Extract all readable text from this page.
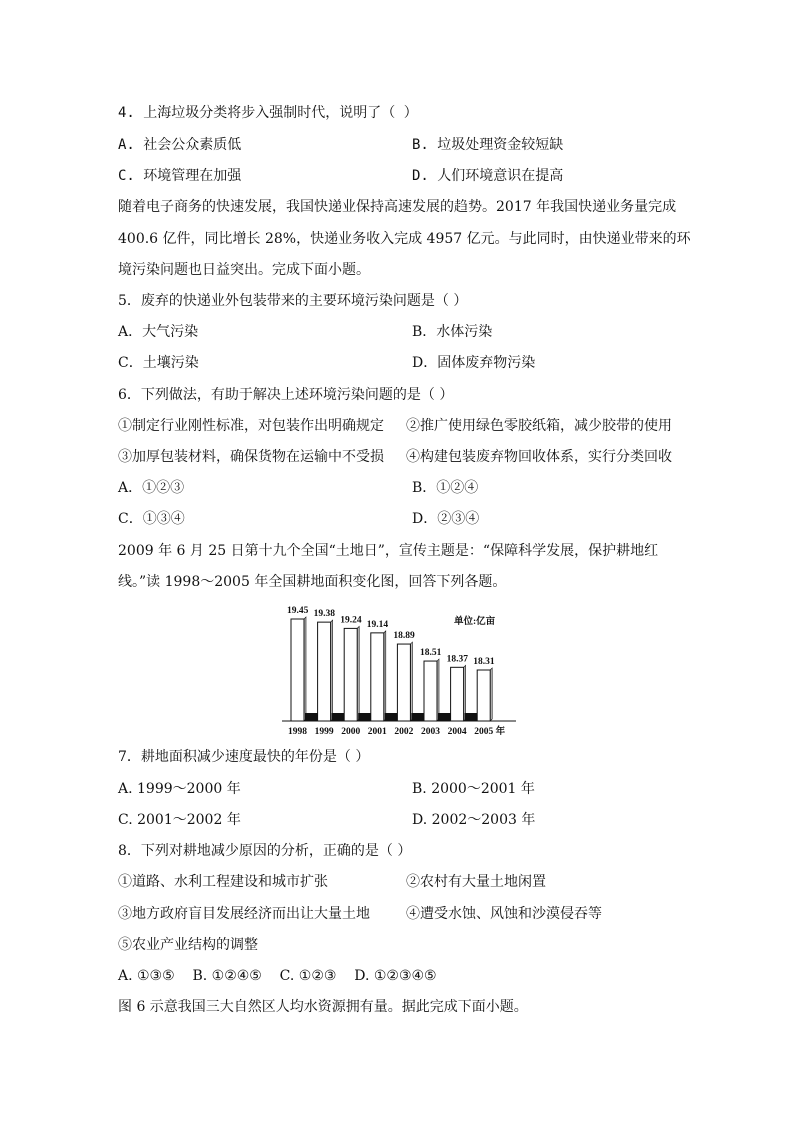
4. 上海垃圾分类将步入强制时代，说明了（ ）
A. 社会公众素质低	B. 垃圾处理资金较短缺
C. 环境管理在加强	D. 人们环境意识在提高
随着电子商务的快速发展，我国快递业保持高速发展的趋势。2017 年我国快递业务量完成
400.6 亿件，同比增长 28%，快递业务收入完成 4957 亿元。与此同时，由快递业带来的环
境污染问题也日益突出。完成下面小题。
5．废弃的快递业外包装带来的主要环境污染问题是（ ）
A．大气污染	B．水体污染
C．土壤污染	D．固体废弃物污染
6．下列做法，有助于解决上述环境污染问题的是（ ）
①制定行业刚性标准，对包装作出明确规定 ②推广使用绿色零胶纸箱，减少胶带的使用
③加厚包装材料，确保货物在运输中不受损 ④构建包装废弃物回收体系，实行分类回收
A．①②③	B．①②④
C．①③④	D．②③④
2009 年 6 月 25 日第十九个全国“土地日”，宣传主题是：“保障科学发展，保护耕地红
线。”读 1998～2005 年全国耕地面积变化图，回答下列各题。
单位:亿亩
19.45
1998
19.38
1999
19.24
2000
19.14
2001
18.89
2002
18.51
2003
18.37
2004
18.31
2005 年
7．耕地面积减少速度最快的年份是（ ）
A. 1999～2000 年	B. 2000～2001 年
C. 2001～2002 年	D. 2002～2003 年
8．下列对耕地减少原因的分析，正确的是（ ）
①道路、水利工程建设和城市扩张	②农村有大量土地闲置
③地方政府盲目发展经济而出让大量土地	④遭受水蚀、风蚀和沙漠侵吞等
⑤农业产业结构的调整
A. ①③⑤    B. ①②④⑤    C. ①②③    D. ①②③④⑤
图 6 示意我国三大自然区人均水资源拥有量。据此完成下面小题。
